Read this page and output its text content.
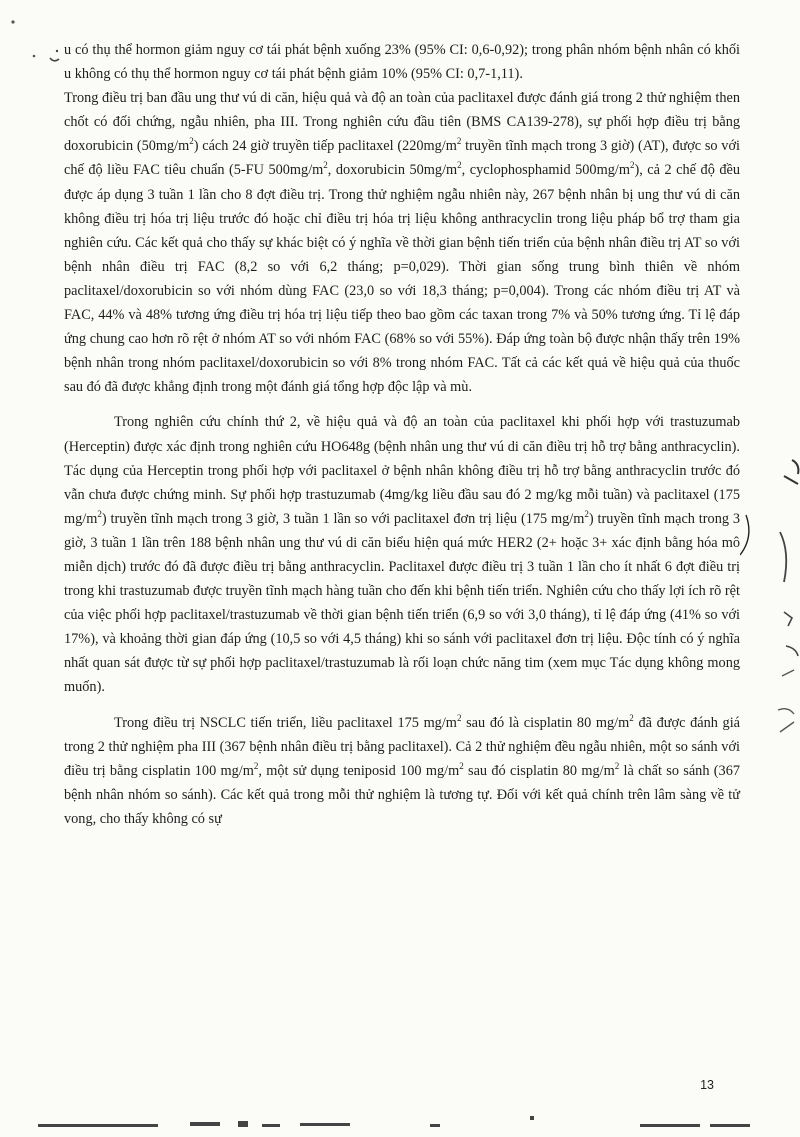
u có thụ thể hormon giảm nguy cơ tái phát bệnh xuống 23% (95% CI: 0,6-0,92); trong phân nhóm bệnh nhân có khối u không có thụ thể hormon nguy cơ tái phát bệnh giảm 10% (95% CI: 0,7-1,11).

Trong điều trị ban đầu ung thư vú di căn, hiệu quả và độ an toàn của paclitaxel được đánh giá trong 2 thử nghiệm then chốt có đối chứng, ngẫu nhiên, pha III. Trong nghiên cứu đầu tiên (BMS CA139-278), sự phối hợp điều trị bằng doxorubicin $(50mg/m^2)$ cách 24 giờ truyền tiếp paclitaxel ($220mg/m^2$ truyền tĩnh mạch trong 3 giờ) (AT), được so với chế độ liều FAC tiêu chuẩn (5-FU $500mg/m^2$, doxorubicin $50mg/m^2$, cyclophosphamid $500mg/m^2$), cả 2 chế độ đều được áp dụng 3 tuần 1 lần cho 8 đợt điều trị. Trong thử nghiệm ngẫu nhiên này, 267 bệnh nhân bị ung thư vú di căn không điều trị hóa trị liệu trước đó hoặc chỉ điều trị hóa trị liệu không anthracyclin trong liệu pháp bổ trợ tham gia nghiên cứu. Các kết quả cho thấy sự khác biệt có ý nghĩa về thời gian bệnh tiến triển của bệnh nhân điều trị AT so với bệnh nhân điều trị FAC (8,2 so với 6,2 tháng; p=0,029). Thời gian sống trung bình thiên về nhóm paclitaxel/doxorubicin so với nhóm dùng FAC (23,0 so với 18,3 tháng; p=0,004). Trong các nhóm điều trị AT và FAC, 44% và 48% tương ứng điều trị hóa trị liệu tiếp theo bao gồm các taxan trong 7% và 50% tương ứng. Tỉ lệ đáp ứng chung cao hơn rõ rệt ở nhóm AT so với nhóm FAC (68% so với 55%). Đáp ứng toàn bộ được nhận thấy trên 19% bệnh nhân trong nhóm paclitaxel/doxorubicin so với 8% trong nhóm FAC. Tất cả các kết quả về hiệu quả của thuốc sau đó đã được khẳng định trong một đánh giá tổng hợp độc lập và mù.

Trong nghiên cứu chính thứ 2, về hiệu quả và độ an toàn của paclitaxel khi phối hợp với trastuzumab (Herceptin) được xác định trong nghiên cứu HO648g (bệnh nhân ung thư vú di căn điều trị hỗ trợ bằng anthracyclin). Tác dụng của Herceptin trong phối hợp với paclitaxel ở bệnh nhân không điều trị hỗ trợ bằng anthracyclin trước đó vẫn chưa được chứng minh. Sự phối hợp trastuzumab (4mg/kg liều đầu sau đó 2 mg/kg mỗi tuần) và paclitaxel (175 $mg/m^2$) truyền tĩnh mạch trong 3 giờ, 3 tuần 1 lần so với paclitaxel đơn trị liệu (175 $mg/m^2$) truyền tĩnh mạch trong 3 giờ, 3 tuần 1 lần trên 188 bệnh nhân ung thư vú di căn biểu hiện quá mức HER2 (2+ hoặc 3+ xác định bằng hóa mô miễn dịch) trước đó đã được điều trị bằng anthracyclin. Paclitaxel được điều trị 3 tuần 1 lần cho ít nhất 6 đợt điều trị trong khi trastuzumab được truyền tĩnh mạch hàng tuần cho đến khi bệnh tiến triển. Nghiên cứu cho thấy lợi ích rõ rệt của việc phối hợp paclitaxel/trastuzumab về thời gian bệnh tiến triển (6,9 so với 3,0 tháng), tỉ lệ đáp ứng (41% so với 17%), và khoảng thời gian đáp ứng (10,5 so với 4,5 tháng) khi so sánh với paclitaxel đơn trị liệu. Độc tính có ý nghĩa nhất quan sát được từ sự phối hợp paclitaxel/trastuzumab là rối loạn chức năng tim (xem mục Tác dụng không mong muốn).

Trong điều trị NSCLC tiến triển, liều paclitaxel 175 $mg/m^2$ sau đó là cisplatin 80 $mg/m^2$ đã được đánh giá trong 2 thử nghiệm pha III (367 bệnh nhân điều trị bằng paclitaxel). Cả 2 thử nghiệm đều ngẫu nhiên, một so sánh với điều trị bằng cisplatin 100 $mg/m^2$, một sử dụng teniposid 100 $mg/m^2$ sau đó cisplatin 80 $mg/m^2$ là chất so sánh (367 bệnh nhân nhóm so sánh). Các kết quả trong mỗi thử nghiệm là tương tự. Đối với kết quả chính trên lâm sàng về tử vong, cho thấy không có sự

13
